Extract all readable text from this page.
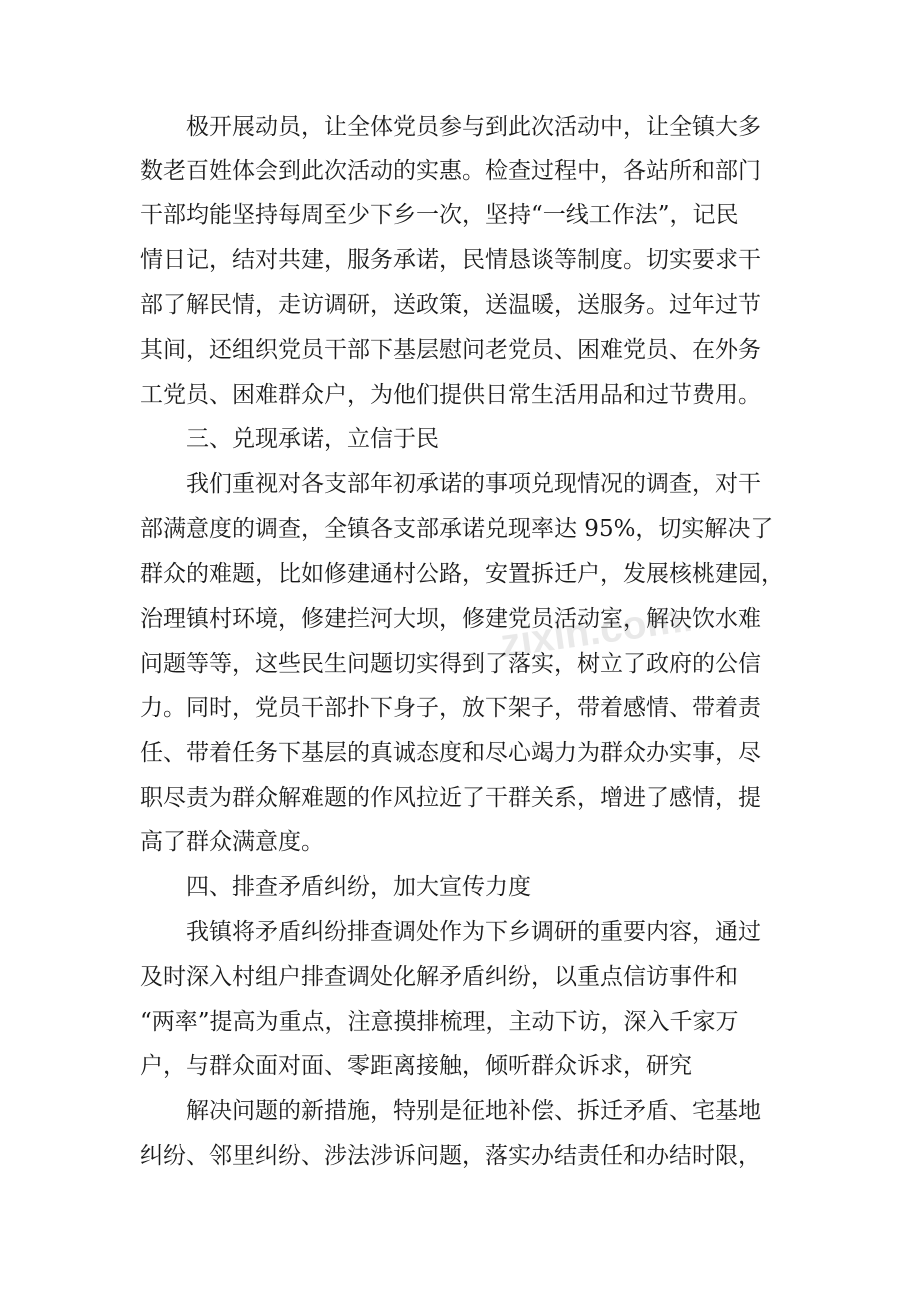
极开展动员，让全体党员参与到此次活动中，让全镇大多
数老百姓体会到此次活动的实惠。检查过程中，各站所和部门
干部均能坚持每周至少下乡一次，坚持“一线工作法”，记民
情日记，结对共建，服务承诺，民情恳谈等制度。切实要求干
部了解民情，走访调研，送政策，送温暖，送服务。过年过节
其间，还组织党员干部下基层慰问老党员、困难党员、在外务
工党员、困难群众户，为他们提供日常生活用品和过节费用。
三、兑现承诺，立信于民
我们重视对各支部年初承诺的事项兑现情况的调查，对干
部满意度的调查，全镇各支部承诺兑现率达 95%，切实解决了
群众的难题，比如修建通村公路，安置拆迁户，发展核桃建园，
治理镇村环境，修建拦河大坝，修建党员活动室，解决饮水难
问题等等，这些民生问题切实得到了落实，树立了政府的公信
力。同时，党员干部扑下身子，放下架子，带着感情、带着责
任、带着任务下基层的真诚态度和尽心竭力为群众办实事，尽
职尽责为群众解难题的作风拉近了干群关系，增进了感情，提
高了群众满意度。
四、排查矛盾纠纷，加大宣传力度
我镇将矛盾纠纷排查调处作为下乡调研的重要内容，通过
及时深入村组户排查调处化解矛盾纠纷，以重点信访事件和
“两率”提高为重点，注意摸排梳理，主动下访，深入千家万
户，与群众面对面、零距离接触，倾听群众诉求，研究
解决问题的新措施，特别是征地补偿、拆迁矛盾、宅基地
纠纷、邻里纠纷、涉法涉诉问题，落实办结责任和办结时限，
zixin.com.cn
